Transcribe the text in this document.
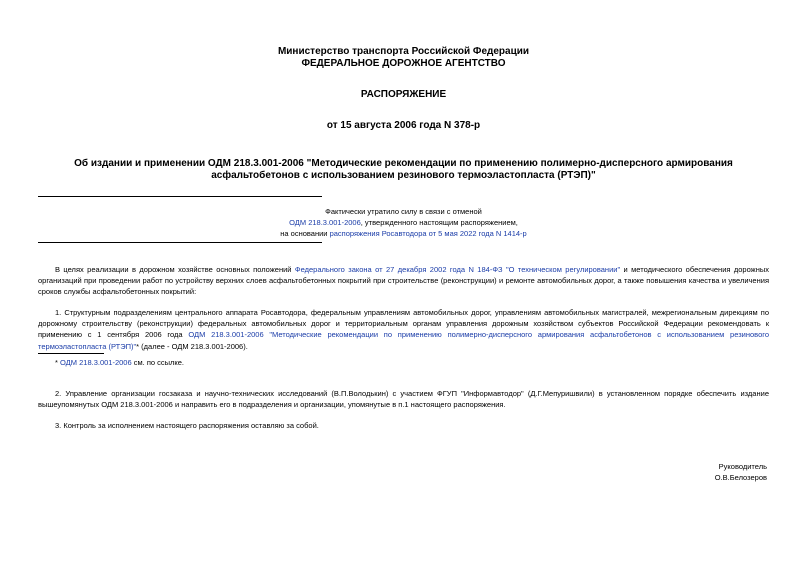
Министерство транспорта Российской Федерации
ФЕДЕРАЛЬНОЕ ДОРОЖНОЕ АГЕНТСТВО
РАСПОРЯЖЕНИЕ
от 15 августа 2006 года N 378-р
Об издании и применении ОДМ 218.3.001-2006 "Методические рекомендации по применению полимерно-дисперсного армирования асфальтобетонов с использованием резинового термоэластопласта (РТЭП)"
Фактически утратило силу в связи с отменой
ОДМ 218.3.001-2006, утвержденного настоящим распоряжением,
на основании распоряжения Росавтодора от 5 мая 2022 года N 1414-р
В целях реализации в дорожном хозяйстве основных положений Федерального закона от 27 декабря 2002 года N 184-ФЗ "О техническом регулировании" и методического обеспечения дорожных организаций при проведении работ по устройству верхних слоев асфальтобетонных покрытий при строительстве (реконструкции) и ремонте автомобильных дорог, а также повышения качества и увеличения сроков службы асфальтобетонных покрытий:
1. Структурным подразделениям центрального аппарата Росавтодора, федеральным управлениям автомобильных дорог, управлениям автомобильных магистралей, межрегиональным дирекциям по дорожному строительству (реконструкции) федеральных автомобильных дорог и территориальным органам управления дорожным хозяйством субъектов Российской Федерации рекомендовать к применению с 1 сентября 2006 года ОДМ 218.3.001-2006 "Методические рекомендации по применению полимерно-дисперсного армирования асфальтобетонов с использованием резинового термоэластопласта (РТЭП)"* (далее - ОДМ 218.3.001-2006).
* ОДМ 218.3.001-2006 см. по ссылке.
2. Управление организации госзаказа и научно-технических исследований (В.П.Володькин) с участием ФГУП "Информавтодор" (Д.Г.Мепуришвили) в установленном порядке обеспечить издание вышеупомянутых ОДМ 218.3.001-2006 и направить его в подразделения и организации, упомянутые в п.1 настоящего распоряжения.
3. Контроль за исполнением настоящего распоряжения оставляю за собой.
Руководитель
О.В.Белозеров
